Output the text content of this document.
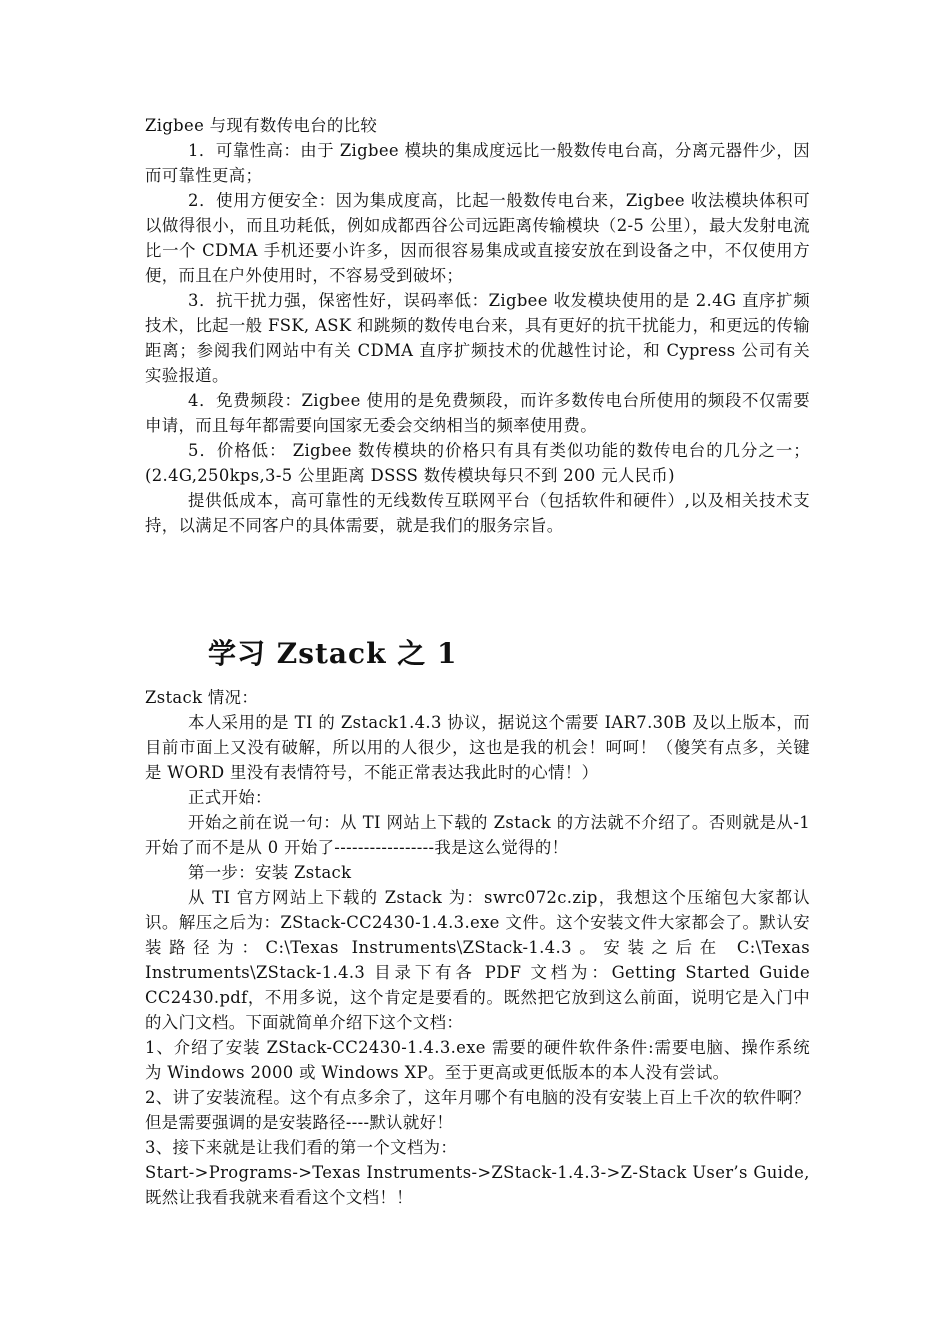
Zigbee 与现有数传电台的比较

1．可靠性高：由于 Zigbee 模块的集成度远比一般数传电台高，分离元器件少，因而可靠性更高；

2．使用方便安全：因为集成度高，比起一般数传电台来，Zigbee 收法模块体积可以做得很小，而且功耗低，例如成都西谷公司远距离传输模块（2-5 公里），最大发射电流比一个 CDMA 手机还要小许多，因而很容易集成或直接安放在到设备之中，不仅使用方便，而且在户外使用时，不容易受到破坏；

3．抗干扰力强，保密性好，误码率低：Zigbee 收发模块使用的是 2.4G 直序扩频技术，比起一般 FSK, ASK 和跳频的数传电台来，具有更好的抗干扰能力，和更远的传输距离；参阅我们网站中有关 CDMA 直序扩频技术的优越性讨论，和 Cypress 公司有关实验报道。

4．免费频段：Zigbee 使用的是免费频段，而许多数传电台所使用的频段不仅需要申请，而且每年都需要向国家无委会交纳相当的频率使用费。

5．价格低： Zigbee 数传模块的价格只有具有类似功能的数传电台的几分之一；(2.4G,250kps,3-5 公里距离 DSSS 数传模块每只不到 200 元人民币)

提供低成本，高可靠性的无线数传互联网平台（包括软件和硬件）,以及相关技术支持，以满足不同客户的具体需要，就是我们的服务宗旨。

学习 Zstack 之 1

Zstack 情况：

本人采用的是 TI 的 Zstack1.4.3 协议，据说这个需要 IAR7.30B 及以上版本，而目前市面上又没有破解，所以用的人很少，这也是我的机会！呵呵！（傻笑有点多，关键是 WORD 里没有表情符号，不能正常表达我此时的心情！）

正式开始：

开始之前在说一句：从 TI 网站上下载的 Zstack 的方法就不介绍了。否则就是从-1 开始了而不是从 0 开始了-----------------我是这么觉得的！

第一步：安装 Zstack

从 TI 官方网站上下载的 Zstack 为：swrc072c.zip，我想这个压缩包大家都认识。解压之后为：ZStack-CC2430-1.4.3.exe 文件。这个安装文件大家都会了。默认安装路径为：C:\Texas Instruments\ZStack-1.4.3。安装之后在 C:\Texas Instruments\ZStack-1.4.3 目录下有各 PDF 文档为：Getting Started Guide CC2430.pdf，不用多说，这个肯定是要看的。既然把它放到这么前面，说明它是入门中的入门文档。下面就简单介绍下这个文档：

1、介绍了安装 ZStack-CC2430-1.4.3.exe 需要的硬件软件条件:需要电脑、操作系统为 Windows 2000 或 Windows XP。至于更高或更低版本的本人没有尝试。

2、讲了安装流程。这个有点多余了，这年月哪个有电脑的没有安装上百上千次的软件啊？但是需要强调的是安装路径----默认就好！

3、接下来就是让我们看的第一个文档为：

Start->Programs->Texas Instruments->ZStack-1.4.3->Z-Stack User’s Guide,

既然让我看我就来看看这个文档！！
